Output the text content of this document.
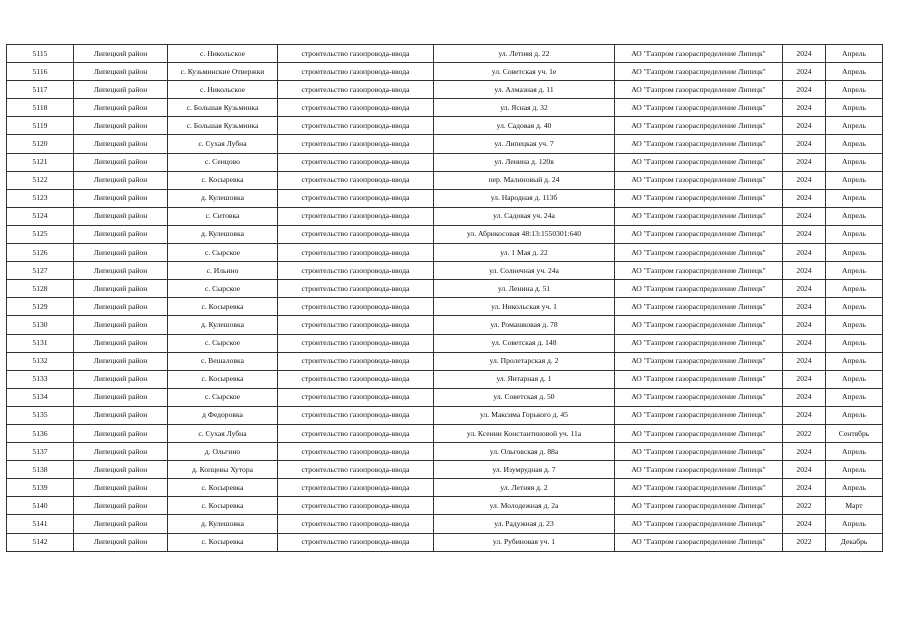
5115	Липецкий район	с. Никольское	строительство газопровода-ввода	ул. Летняя д. 22	АО "Газпром газораспределение Липецк"	2024	Апрель
5116	Липецкий район	с. Кузьминские Отвержки	строительство газопровода-ввода	ул. Советская уч. 1е	АО "Газпром газораспределение Липецк"	2024	Апрель
5117	Липецкий район	с. Никольское	строительство газопровода-ввода	ул. Алмазная д. 11	АО "Газпром газораспределение Липецк"	2024	Апрель
5118	Липецкий район	с. Большая Кузьминка	строительство газопровода-ввода	ул. Ясная д. 32	АО "Газпром газораспределение Липецк"	2024	Апрель
5119	Липецкий район	с. Большая Кузьминка	строительство газопровода-ввода	ул. Садовая д. 40	АО "Газпром газораспределение Липецк"	2024	Апрель
5120	Липецкий район	с. Сухая Лубна	строительство газопровода-ввода	ул. Липецкая уч. 7	АО "Газпром газораспределение Липецк"	2024	Апрель
5121	Липецкий район	с. Сенцово	строительство газопровода-ввода	ул. Ленина д. 120в	АО "Газпром газораспределение Липецк"	2024	Апрель
5122	Липецкий район	с. Косыревка	строительство газопровода-ввода	пер. Малиновый д. 24	АО "Газпром газораспределение Липецк"	2024	Апрель
5123	Липецкий район	д. Кулешовка	строительство газопровода-ввода	ул. Народная д. 113б	АО "Газпром газораспределение Липецк"	2024	Апрель
5124	Липецкий район	с. Ситовка	строительство газопровода-ввода	ул. Садовая уч. 24а	АО "Газпром газораспределение Липецк"	2024	Апрель
5125	Липецкий район	д. Кулешовка	строительство газопровода-ввода	ул. Абрикосовая 48:13:1550301:640	АО "Газпром газораспределение Липецк"	2024	Апрель
5126	Липецкий район	с. Сырское	строительство газопровода-ввода	ул. 1 Мая д. 22	АО "Газпром газораспределение Липецк"	2024	Апрель
5127	Липецкий район	с. Ильино	строительство газопровода-ввода	ул. Солнечная уч. 24а	АО "Газпром газораспределение Липецк"	2024	Апрель
5128	Липецкий район	с. Сырское	строительство газопровода-ввода	ул. Ленина д. 51	АО "Газпром газораспределение Липецк"	2024	Апрель
5129	Липецкий район	с. Косыревка	строительство газопровода-ввода	ул. Никольская уч. 1	АО "Газпром газораспределение Липецк"	2024	Апрель
5130	Липецкий район	д. Кулешовка	строительство газопровода-ввода	ул. Ромашковая д. 78	АО "Газпром газораспределение Липецк"	2024	Апрель
5131	Липецкий район	с. Сырское	строительство газопровода-ввода	ул. Советская д. 148	АО "Газпром газораспределение Липецк"	2024	Апрель
5132	Липецкий район	с. Вешаловка	строительство газопровода-ввода	ул. Пролетарская д. 2	АО "Газпром газораспределение Липецк"	2024	Апрель
5133	Липецкий район	с. Косыревка	строительство газопровода-ввода	ул. Янтарная д. 1	АО "Газпром газораспределение Липецк"	2024	Апрель
5134	Липецкий район	с. Сырское	строительство газопровода-ввода	ул. Советская д. 50	АО "Газпром газораспределение Липецк"	2024	Апрель
5135	Липецкий район	д Федоровка	строительство газопровода-ввода	ул. Максима Горького д. 45	АО "Газпром газораспределение Липецк"	2024	Апрель
5136	Липецкий район	с. Сухая Лубна	строительство газопровода-ввода	ул. Ксении Константиновой уч. 11а	АО "Газпром газораспределение Липецк"	2022	Сентябрь
5137	Липецкий район	д. Ольгино	строительство газопровода-ввода	ул. Ольговская д. 88а	АО "Газпром газораспределение Липецк"	2024	Апрель
5138	Липецкий район	д. Копцевы Хутора	строительство газопровода-ввода	ул. Изумрудная д. 7	АО "Газпром газораспределение Липецк"	2024	Апрель
5139	Липецкий район	с. Косыревка	строительство газопровода-ввода	ул. Летняя д. 2	АО "Газпром газораспределение Липецк"	2024	Апрель
5140	Липецкий район	с. Косыревка	строительство газопровода-ввода	ул. Молодежная д. 2а	АО "Газпром газораспределение Липецк"	2022	Март
5141	Липецкий район	д. Кулешовка	строительство газопровода-ввода	ул. Радужная д. 23	АО "Газпром газораспределение Липецк"	2024	Апрель
5142	Липецкий район	с. Косыревка	строительство газопровода-ввода	ул. Рубиновая уч. 1	АО "Газпром газораспределение Липецк"	2022	Декабрь
